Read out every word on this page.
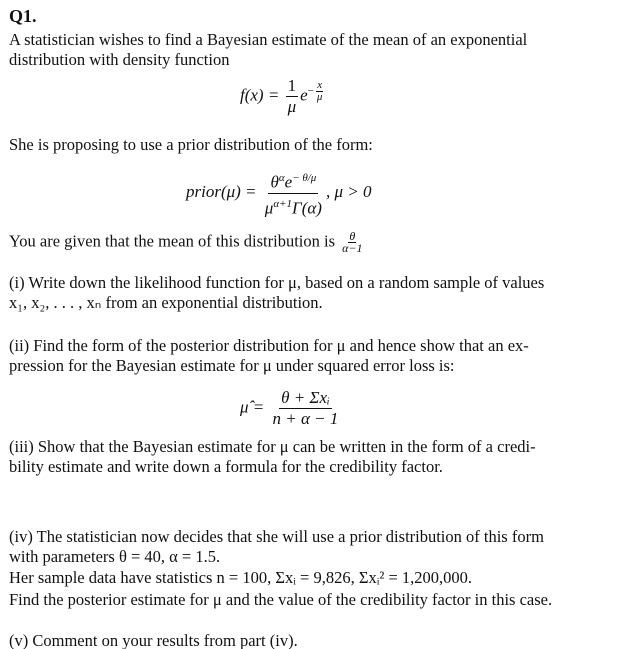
Q1.
A statistician wishes to find a Bayesian estimate of the mean of an exponential
distribution with density function
$f(x) = \frac{1}{\mu} e^{- \frac{x}{\mu}}$
She is proposing to use a prior distribution of the form:
prior(μ) = $\frac{\theta^\alpha e^{- \theta/\mu}}{\mu^{\alpha+1}\Gamma(\alpha)}$ , μ > 0
You are given that the mean of this distribution is $\frac{\theta}{\alpha-1}$
(i) Write down the likelihood function for μ, based on a random sample of values
x₁, x₂, . . . , xₙ from an exponential distribution.
(ii) Find the form of the posterior distribution for μ and hence show that an ex-
pression for the Bayesian estimate for μ under squared error loss is:
μ̂ = $\frac{\text{θ + Σxᵢ}}{n + \alpha - 1}$
(iii) Show that the Bayesian estimate for μ can be written in the form of a credi-
bility estimate and write down a formula for the credibility factor.
(iv) The statistician now decides that she will use a prior distribution of this form
with parameters θ = 40, α = 1.5.
Her sample data have statistics n = 100, Σxᵢ = 9,826, Σxᵢ² = 1,200,000.
Find the posterior estimate for μ and the value of the credibility factor in this case.
(v) Comment on your results from part (iv).
